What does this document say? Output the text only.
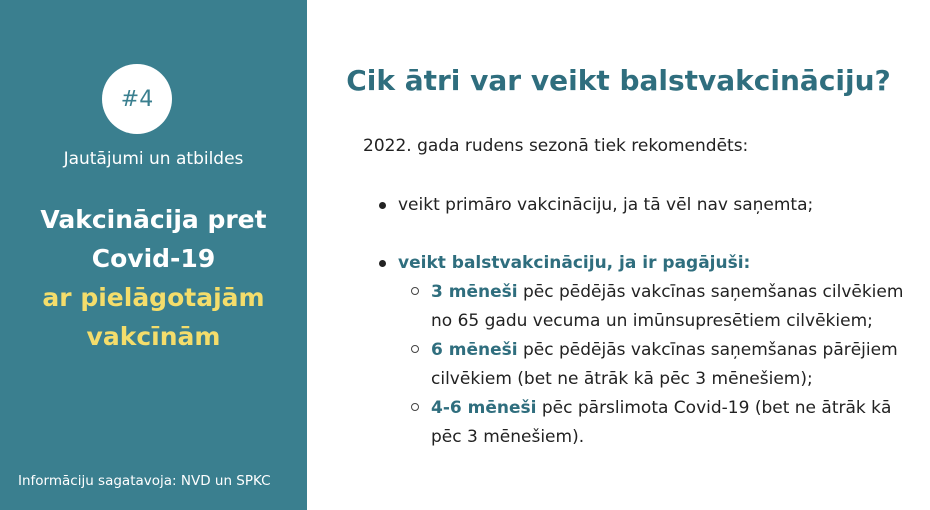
#4
Jautājumi un atbildes
Vakcinācija pret
Covid-19
ar pielāgotajām
vakcīnām
Informāciju sagatavoja: NVD un SPKC
Cik ātri var veikt balstvakcināciju?
2022. gada rudens sezonā tiek rekomendēts:
veikt primāro vakcināciju, ja tā vēl nav saņemta;
veikt balstvakcināciju, ja ir pagājuši:
3 mēneši pēc pēdējās vakcīnas saņemšanas cilvēkiem no 65 gadu vecuma un imūnsupresētiem cilvēkiem;
6 mēneši pēc pēdējās vakcīnas saņemšanas pārējiem cilvēkiem (bet ne ātrāk kā pēc 3 mēnešiem);
4-6 mēneši pēc pārslimota Covid-19 (bet ne ātrāk kā pēc 3 mēnešiem).
